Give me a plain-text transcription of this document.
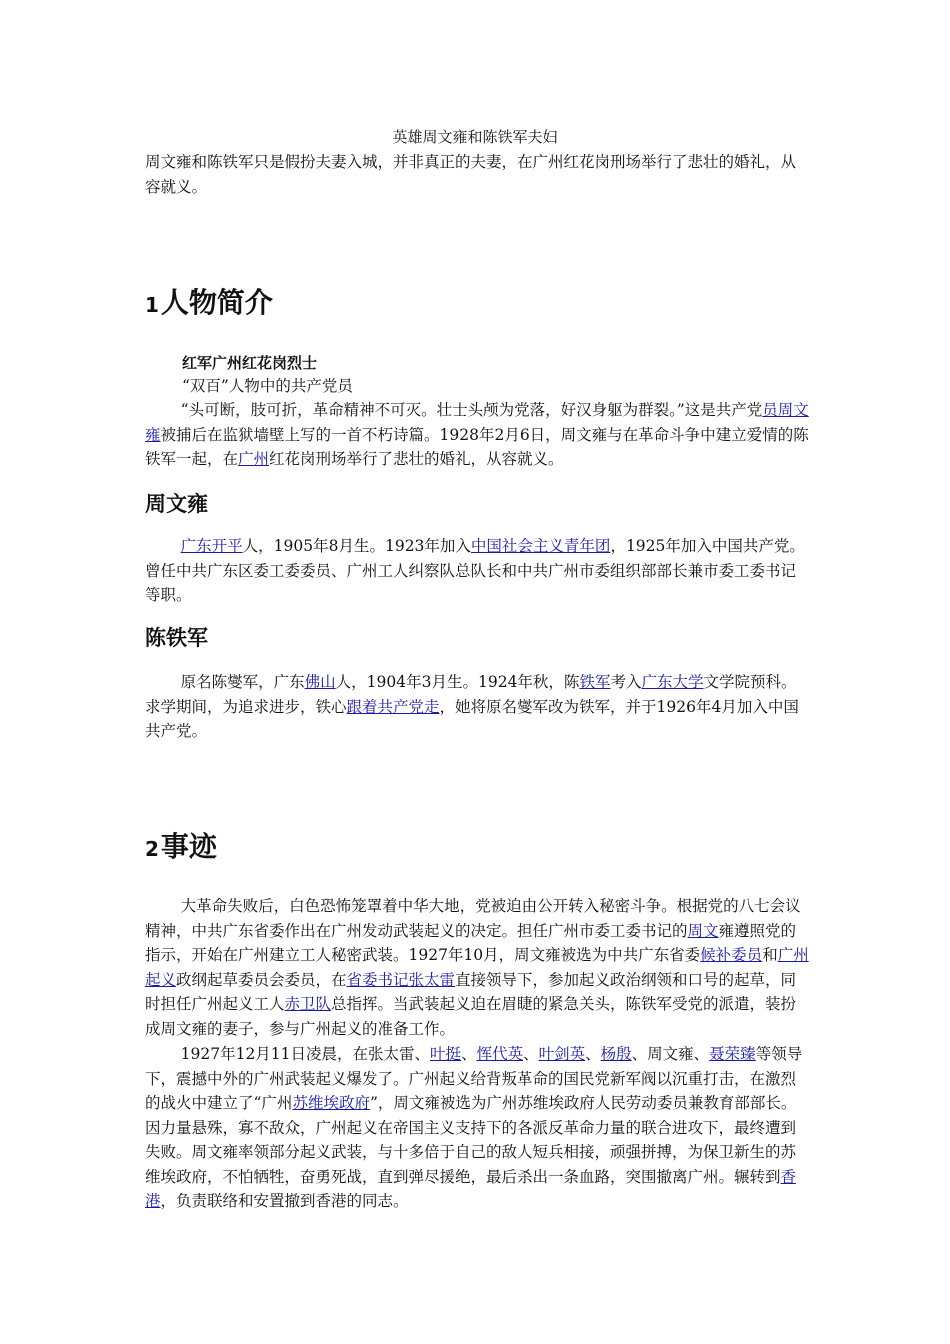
英雄周文雍和陈铁军夫妇

周文雍和陈铁军只是假扮夫妻入城，并非真正的夫妻，在广州红花岗刑场举行了悲壮的婚礼，从容就义。

1人物简介

红军广州红花岗烈士

“双百”人物中的共产党员

“头可断，肢可折，革命精神不可灭。壮士头颅为党落，好汉身躯为群裂。”这是共产党员周文雍被捕后在监狱墙壁上写的一首不朽诗篇。1928年2月6日，周文雍与在革命斗争中建立爱情的陈铁军一起，在广州红花岗刑场举行了悲壮的婚礼，从容就义。

周文雍

广东开平人，1905年8月生。1923年加入中国社会主义青年团，1925年加入中国共产党。曾任中共广东区委工委委员、广州工人纠察队总队长和中共广州市委组织部部长兼市委工委书记等职。

陈铁军

原名陈燮军，广东佛山人，1904年3月生。1924年秋，陈铁军考入广东大学文学院预科。求学期间，为追求进步，铁心跟着共产党走，她将原名燮军改为铁军，并于1926年4月加入中国共产党。

2事迹

大革命失败后，白色恐怖笼罩着中华大地，党被迫由公开转入秘密斗争。根据党的八七会议精神，中共广东省委作出在广州发动武装起义的决定。担任广州市委工委书记的周文雍遵照党的指示，开始在广州建立工人秘密武装。1927年10月，周文雍被选为中共广东省委候补委员和广州起义政纲起草委员会委员，在省委书记张太雷直接领导下，参加起义政治纲领和口号的起草，同时担任广州起义工人赤卫队总指挥。当武装起义迫在眉睫的紧急关头，陈铁军受党的派遣，装扮成周文雍的妻子，参与广州起义的准备工作。

1927年12月11日凌晨，在张太雷、叶挺、恽代英、叶剑英、杨殷、周文雍、聂荣臻等领导下，震撼中外的广州武装起义爆发了。广州起义给背叛革命的国民党新军阀以沉重打击，在激烈的战火中建立了“广州苏维埃政府”，周文雍被选为广州苏维埃政府人民劳动委员兼教育部部长。因力量悬殊，寡不敌众，广州起义在帝国主义支持下的各派反革命力量的联合进攻下，最终遭到失败。周文雍率领部分起义武装，与十多倍于自己的敌人短兵相接，顽强拼搏，为保卫新生的苏维埃政府，不怕牺牲，奋勇死战，直到弹尽援绝，最后杀出一条血路，突围撤离广州。辗转到香港，负责联络和安置撤到香港的同志。
